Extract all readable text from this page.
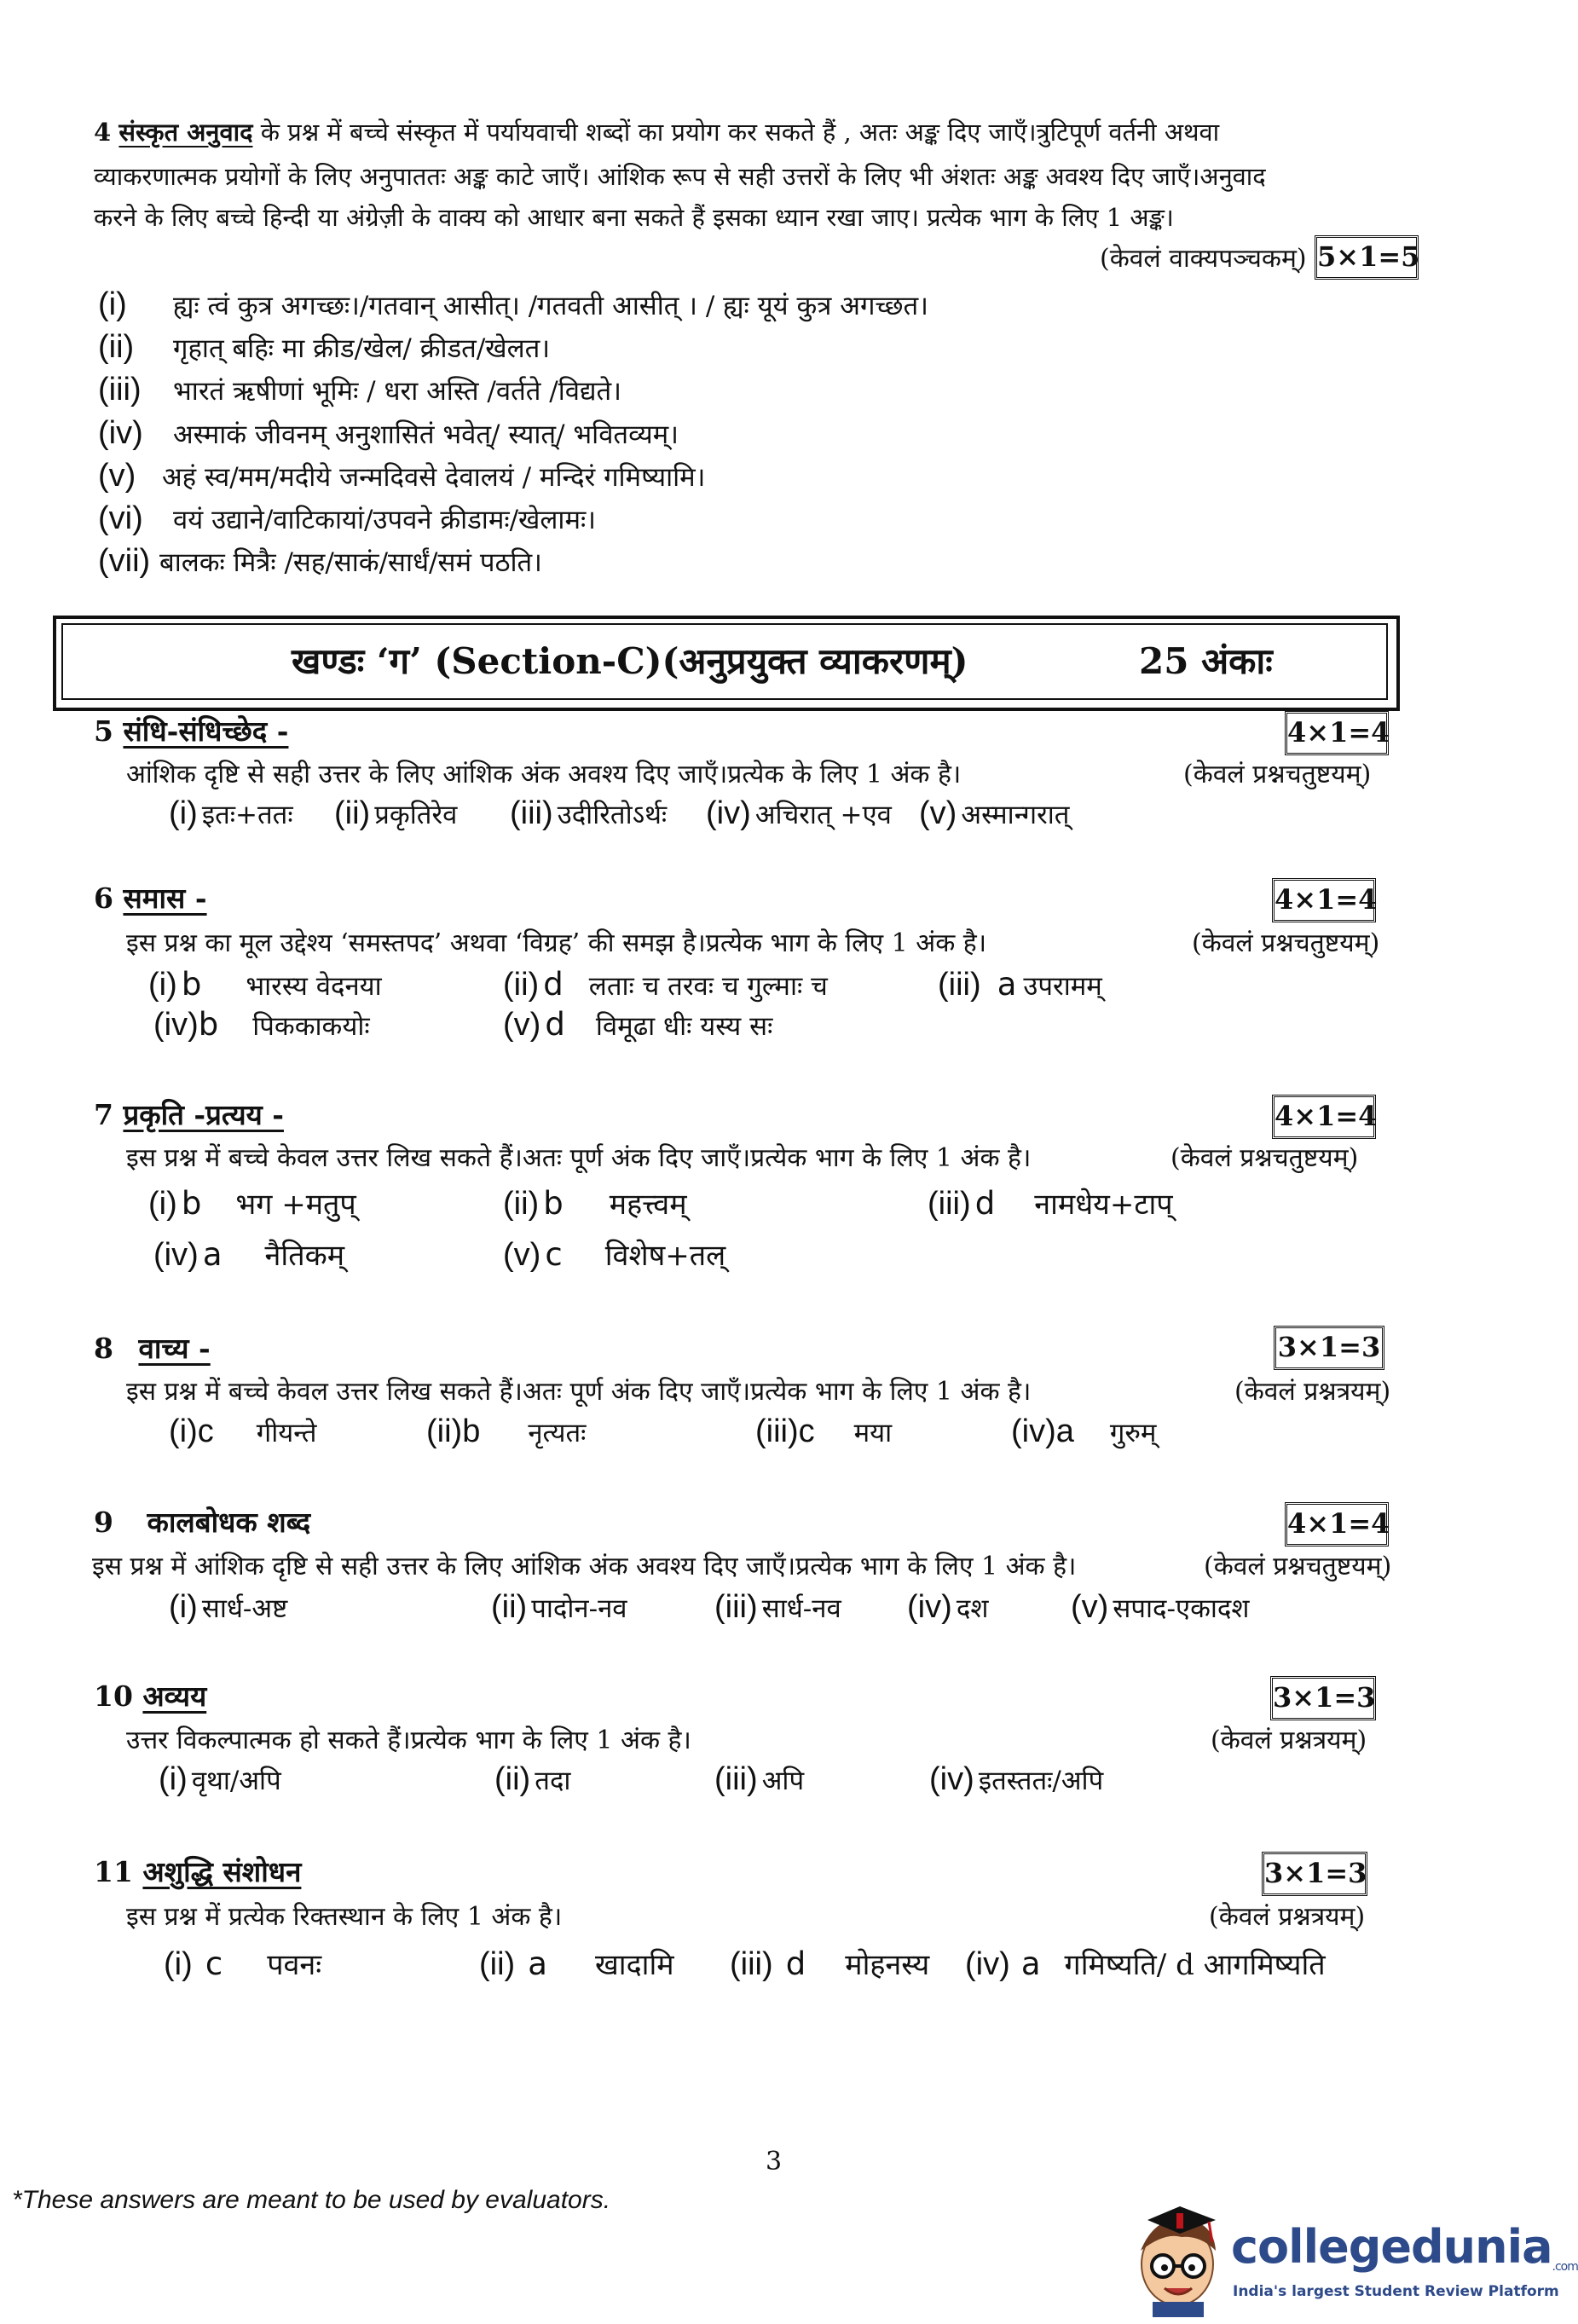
4 संस्कृत अनुवाद के प्रश्न में बच्चे संस्कृत में पर्यायवाची शब्दों का प्रयोग कर सकते हैं , अतः अङ्क दिए जाएँ।त्रुटिपूर्ण वर्तनी अथवा
व्याकरणात्मक प्रयोगों के लिए अनुपाततः अङ्क काटे जाएँ। आंशिक रूप से सही उत्तरों के लिए भी अंशतः अङ्क अवश्य दिए जाएँ।अनुवाद
करने के लिए बच्चे हिन्दी या अंग्रेज़ी के वाक्य को आधार बना सकते हैं इसका ध्यान रखा जाए। प्रत्येक भाग के लिए 1 अङ्क।
(केवलं वाक्यपञ्चकम्) 5×1=5
(i) ह्यः त्वं कुत्र अगच्छः।/गतवान् आसीत्। /गतवती आसीत् । / ह्यः यूयं कुत्र अगच्छत।
(ii) गृहात् बहिः मा क्रीड/खेल/ क्रीडत/खेलत।
(iii) भारतं ऋषीणां भूमिः / धरा अस्ति /वर्तते /विद्यते।
(iv) अस्माकं जीवनम् अनुशासितं भवेत्/ स्यात्/ भवितव्यम्।
(v) अहं स्व/मम/मदीये जन्मदिवसे देवालयं / मन्दिरं गमिष्यामि।
(vi) वयं उद्याने/वाटिकायां/उपवने क्रीडामः/खेलामः।
(vii) बालकः मित्रैः /सह/साकं/सार्धं/समं पठति।
खण्डः ‘ग’ (Section-C)(अनुप्रयुक्त व्याकरणम्)	25 अंकाः
5 संधि-संधिच्छेद -	4×1=4
आंशिक दृष्टि से सही उत्तर के लिए आंशिक अंक अवश्य दिए जाएँ।प्रत्येक के लिए 1 अंक है।	(केवलं प्रश्नचतुष्टयम्)
(i) इतः+ततः (ii) प्रकृतिरेव (iii) उदीरितोऽर्थः (iv) अचिरात् +एव (v) अस्मान्गरात्
6 समास -	4×1=4
इस प्रश्न का मूल उद्देश्य ‘समस्तपद’ अथवा ‘विग्रह’ की समझ है।प्रत्येक भाग के लिए 1 अंक है।	(केवलं प्रश्नचतुष्टयम्)
(i) b भारस्य वेदनया	(ii) d लताः च तरवः च गुल्माः च	(iii) a उपरामम्
(iv)b पिककाकयोः	(v) d विमूढा धीः यस्य सः
7 प्रकृति -प्रत्यय -	4×1=4
इस प्रश्न में बच्चे केवल उत्तर लिख सकते हैं।अतः पूर्ण अंक दिए जाएँ।प्रत्येक भाग के लिए 1 अंक है।	(केवलं प्रश्नचतुष्टयम्)
(i) b भग +मतुप्	(ii) b महत्त्वम्	(iii) d नामधेय+टाप्
(iv) a नैतिकम्	(v) c विशेष+तल्
8 वाच्य -	3×1=3
इस प्रश्न में बच्चे केवल उत्तर लिख सकते हैं।अतः पूर्ण अंक दिए जाएँ।प्रत्येक भाग के लिए 1 अंक है।	(केवलं प्रश्नत्रयम्)
(i)c गीयन्ते	(ii)b नृत्यतः	(iii)c मया	(iv)a गुरुम्
9 कालबोधक शब्द	4×1=4
इस प्रश्न में आंशिक दृष्टि से सही उत्तर के लिए आंशिक अंक अवश्य दिए जाएँ।प्रत्येक भाग के लिए 1 अंक है।	(केवलं प्रश्नचतुष्टयम्)
(i) सार्ध-अष्ट	(ii) पादोन-नव	(iii) सार्ध-नव (iv) दश	(v) सपाद-एकादश
10 अव्यय	3×1=3
उत्तर विकल्पात्मक हो सकते हैं।प्रत्येक भाग के लिए 1 अंक है।	(केवलं प्रश्नत्रयम्)
(i) वृथा/अपि	(ii) तदा	(iii) अपि	(iv) इतस्ततः/अपि
11 अशुद्धि संशोधन	3×1=3
इस प्रश्न में प्रत्येक रिक्तस्थान के लिए 1 अंक है।	(केवलं प्रश्नत्रयम्)
(i) c पवनः	(ii) a खादामि (iii) d मोहनस्य (iv) a गमिष्यति/ d आगमिष्यति
3
*These answers are meant to be used by evaluators.
collegedunia.com
India's largest Student Review Platform
